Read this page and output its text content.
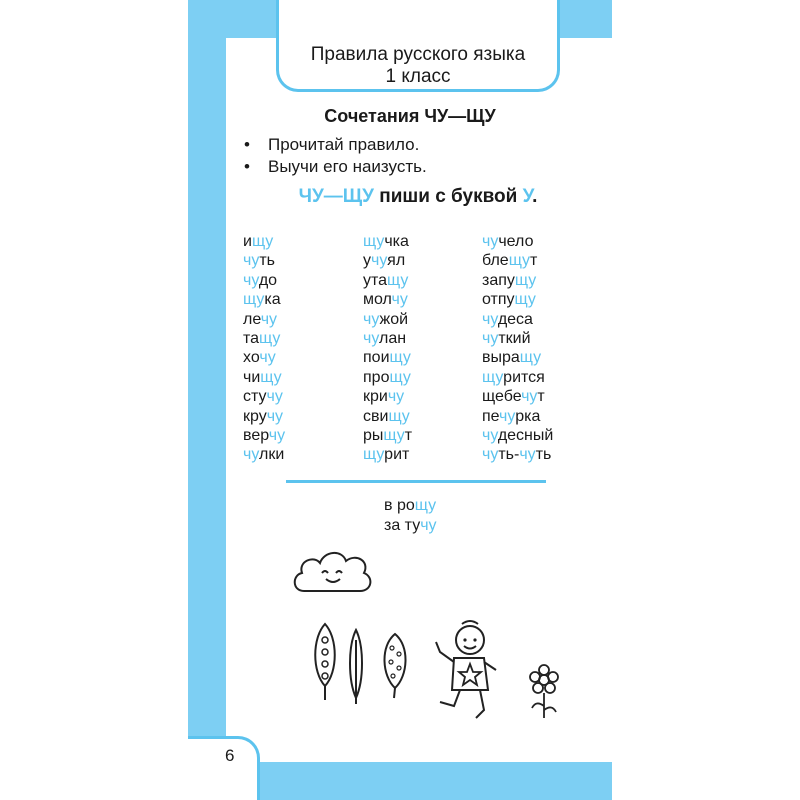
Правила русского языка
1 класс
Сочетания ЧУ—ЩУ
• Прочитай правило.
• Выучи его наизусть.
ЧУ—ЩУ пиши с буквой У.
ищу
чуть
чудо
щука
лечу
тащу
хочу
чищу
стучу
кручу
верчу
чулки
щучка
учуял
утащу
молчу
чужой
чулан
поищу
прощу
кричу
свищу
рыщут
щурит
чучело
блещут
запущу
отпущу
чудеса
чуткий
выращу
щурится
щебечут
печурка
чудесный
чуть-чуть
в рощу
за тучу
6
